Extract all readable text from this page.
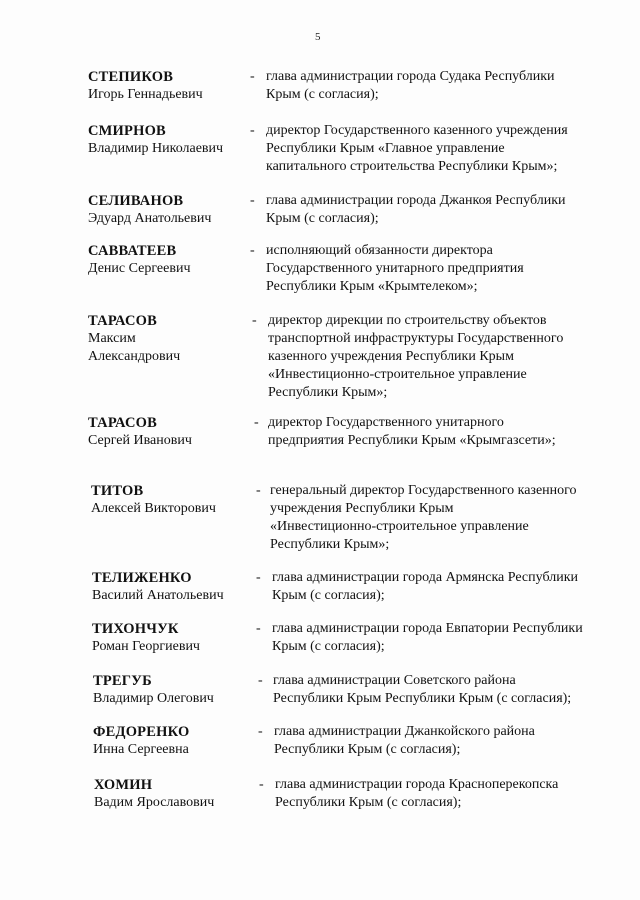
5
СТЕПИКОВ
Игорь Геннадьевич
- глава администрации города Судака Республики
Крым (с согласия);
СМИРНОВ
Владимир Николаевич
- директор Государственного казенного учреждения
Республики Крым «Главное управление
капитального строительства Республики Крым»;
СЕЛИВАНОВ
Эдуард Анатольевич
- глава администрации города Джанкоя Республики
Крым (с согласия);
САВВАТЕЕВ
Денис Сергеевич
- исполняющий обязанности директора
Государственного унитарного предприятия
Республики Крым «Крымтелеком»;
ТАРАСОВ
Максим
Александрович
- директор дирекции по строительству объектов
транспортной инфраструктуры Государственного
казенного учреждения Республики Крым
«Инвестиционно-строительное управление
Республики Крым»;
ТАРАСОВ
Сергей Иванович
- директор Государственного унитарного
предприятия Республики Крым «Крымгазсети»;
ТИТОВ
Алексей Викторович
- генеральный директор Государственного казенного
учреждения Республики Крым
«Инвестиционно-строительное управление
Республики Крым»;
ТЕЛИЖЕНКО
Василий Анатольевич
- глава администрации города Армянска Республики
Крым (с согласия);
ТИХОНЧУК
Роман Георгиевич
- глава администрации города Евпатории Республики
Крым (с согласия);
ТРЕГУБ
Владимир Олегович
- глава администрации Советского района
Республики Крым Республики Крым (с согласия);
ФЕДОРЕНКО
Инна Сергеевна
- глава администрации Джанкойского района
Республики Крым (с согласия);
ХОМИН
Вадим Ярославович
- глава администрации города Красноперекопска
Республики Крым (с согласия);
